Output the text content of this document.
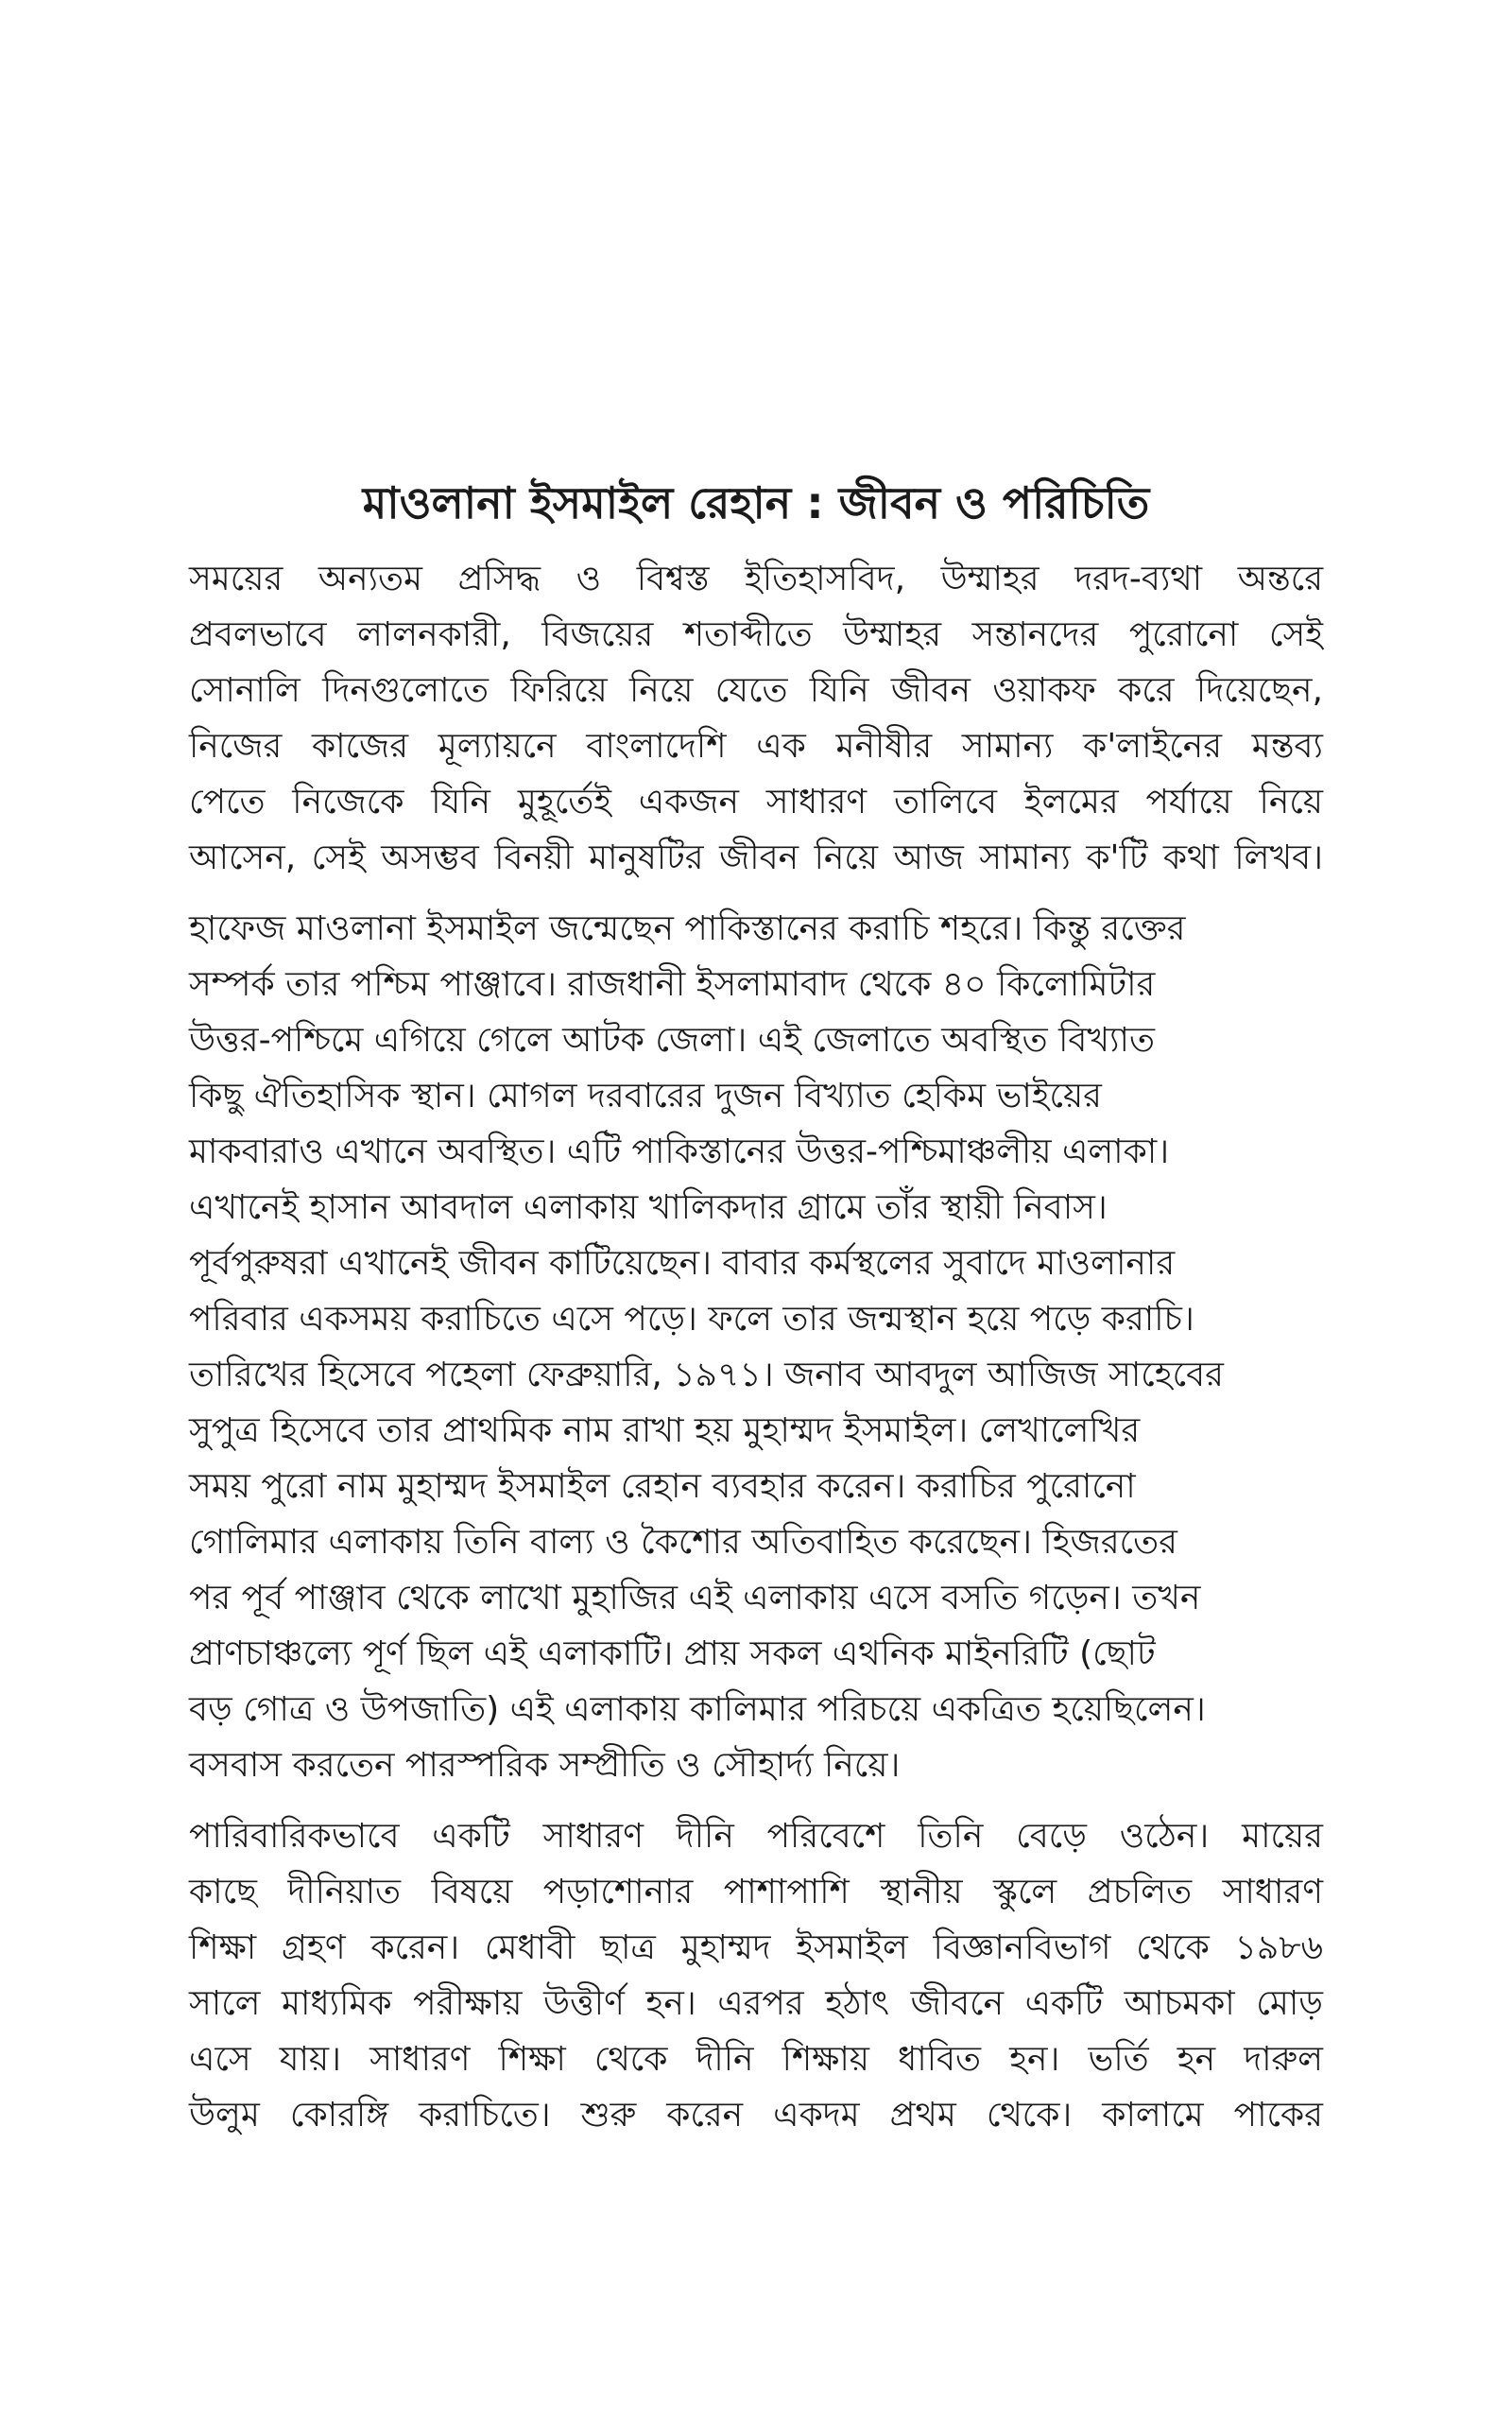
মাওলানা ইসমাইল রেহান : জীবন ও পরিচিতি

সময়ের অন্যতম প্রসিদ্ধ ও বিশ্বস্ত ইতিহাসবিদ, উম্মাহর দরদ-ব্যথা অন্তরে
প্রবলভাবে লালনকারী, বিজয়ের শতাব্দীতে উম্মাহর সন্তানদের পুরোনো সেই
সোনালি দিনগুলোতে ফিরিয়ে নিয়ে যেতে যিনি জীবন ওয়াকফ করে দিয়েছেন,
নিজের কাজের মূল্যায়নে বাংলাদেশি এক মনীষীর সামান্য ক'লাইনের মন্তব্য
পেতে নিজেকে যিনি মুহূর্তেই একজন সাধারণ তালিবে ইলমের পর্যায়ে নিয়ে
আসেন, সেই অসম্ভব বিনয়ী মানুষটির জীবন নিয়ে আজ সামান্য ক'টি কথা লিখব।

হাফেজ মাওলানা ইসমাইল জন্মেছেন পাকিস্তানের করাচি শহরে। কিন্তু রক্তের
সম্পর্ক তার পশ্চিম পাঞ্জাবে। রাজধানী ইসলামাবাদ থেকে ৪০ কিলোমিটার
উত্তর-পশ্চিমে এগিয়ে গেলে আটক জেলা। এই জেলাতে অবস্থিত বিখ্যাত
কিছু ঐতিহাসিক স্থান। মোগল দরবারের দুজন বিখ্যাত হেকিম ভাইয়ের
মাকবারাও এখানে অবস্থিত। এটি পাকিস্তানের উত্তর-পশ্চিমাঞ্চলীয় এলাকা।
এখানেই হাসান আবদাল এলাকায় খালিকদার গ্রামে তাঁর স্থায়ী নিবাস।
পূর্বপুরুষরা এখানেই জীবন কাটিয়েছেন। বাবার কর্মস্থলের সুবাদে মাওলানার
পরিবার একসময় করাচিতে এসে পড়ে। ফলে তার জন্মস্থান হয়ে পড়ে করাচি।
তারিখের হিসেবে পহেলা ফেব্রুয়ারি, ১৯৭১। জনাব আবদুল আজিজ সাহেবের
সুপুত্র হিসেবে তার প্রাথমিক নাম রাখা হয় মুহাম্মদ ইসমাইল। লেখালেখির
সময় পুরো নাম মুহাম্মদ ইসমাইল রেহান ব্যবহার করেন। করাচির পুরোনো
গোলিমার এলাকায় তিনি বাল্য ও কৈশোর অতিবাহিত করেছেন। হিজরতের
পর পূর্ব পাঞ্জাব থেকে লাখো মুহাজির এই এলাকায় এসে বসতি গড়েন। তখন
প্রাণচাঞ্চল্যে পূর্ণ ছিল এই এলাকাটি। প্রায় সকল এথনিক মাইনরিটি (ছোট
বড় গোত্র ও উপজাতি) এই এলাকায় কালিমার পরিচয়ে একত্রিত হয়েছিলেন।
বসবাস করতেন পারস্পরিক সম্প্রীতি ও সৌহার্দ্য নিয়ে।

পারিবারিকভাবে একটি সাধারণ দীনি পরিবেশে তিনি বেড়ে ওঠেন। মায়ের
কাছে দীনিয়াত বিষয়ে পড়াশোনার পাশাপাশি স্থানীয় স্কুলে প্রচলিত সাধারণ
শিক্ষা গ্রহণ করেন। মেধাবী ছাত্র মুহাম্মদ ইসমাইল বিজ্ঞানবিভাগ থেকে ১৯৮৬
সালে মাধ্যমিক পরীক্ষায় উত্তীর্ণ হন। এরপর হঠাৎ জীবনে একটি আচমকা মোড়
এসে যায়। সাধারণ শিক্ষা থেকে দীনি শিক্ষায় ধাবিত হন। ভর্তি হন দারুল
উলুম কোরঙ্গি করাচিতে। শুরু করেন একদম প্রথম থেকে। কালামে পাকের
